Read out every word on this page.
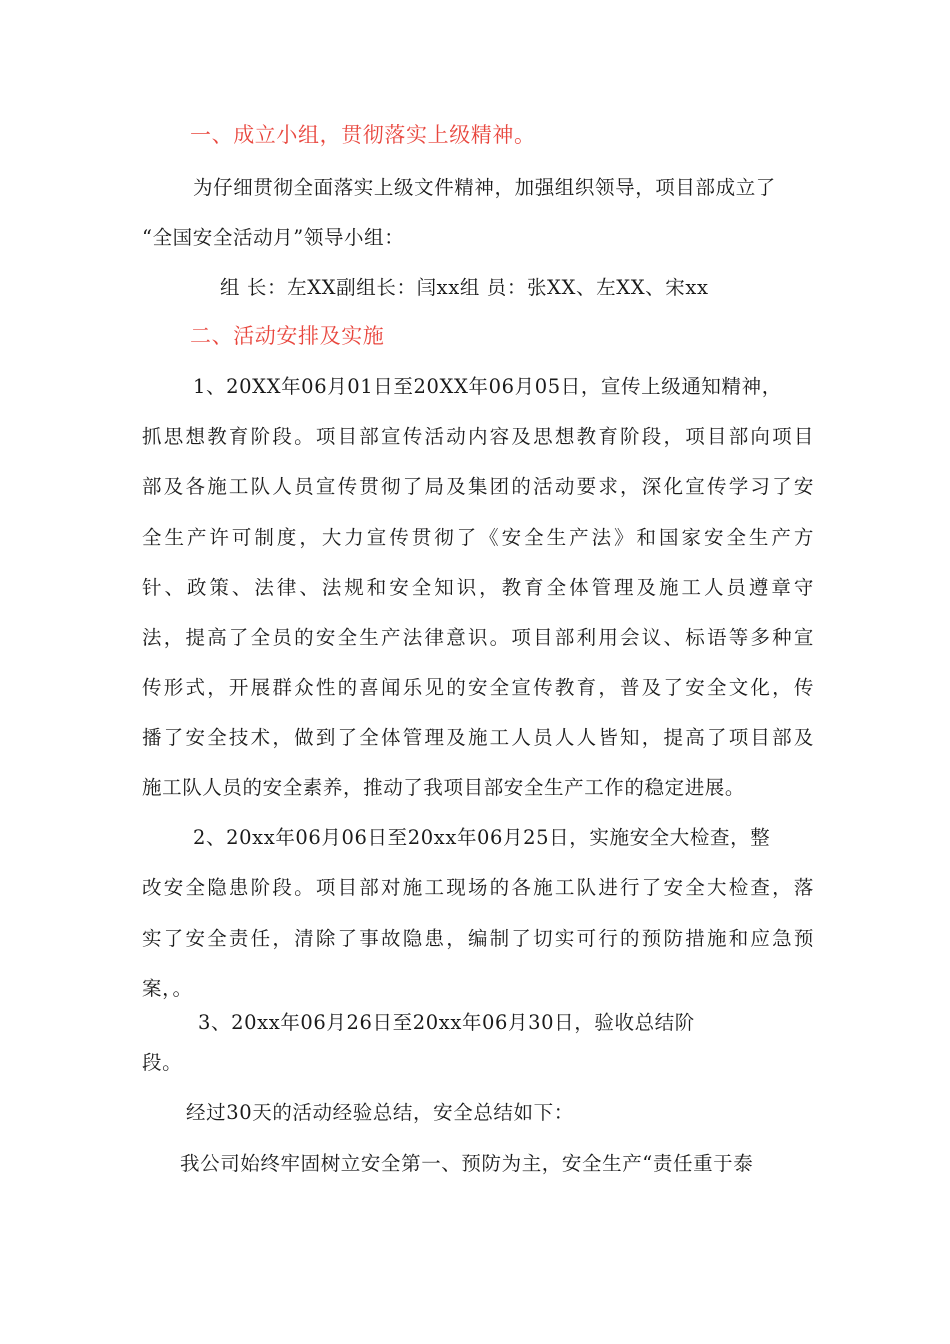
一、成立小组，贯彻落实上级精神。
为仔细贯彻全面落实上级文件精神，加强组织领导，项目部成立了
“全国安全活动月”领导小组：
组 长：左XX副组长：闫xx组 员：张XX、左XX、宋xx
二、活动安排及实施
1、20XX年06月01日至20XX年06月05日，宣传上级通知精神，
抓思想教育阶段。项目部宣传活动内容及思想教育阶段，项目部向项目
部及各施工队人员宣传贯彻了局及集团的活动要求，深化宣传学习了安
全生产许可制度，大力宣传贯彻了《安全生产法》和国家安全生产方
针、政策、法律、法规和安全知识，教育全体管理及施工人员遵章守
法，提高了全员的安全生产法律意识。项目部利用会议、标语等多种宣
传形式，开展群众性的喜闻乐见的安全宣传教育，普及了安全文化，传
播了安全技术，做到了全体管理及施工人员人人皆知，提高了项目部及
施工队人员的安全素养，推动了我项目部安全生产工作的稳定进展。
2、20xx年06月06日至20xx年06月25日，实施安全大检查，整
改安全隐患阶段。项目部对施工现场的各施工队进行了安全大检查，落
实了安全责任，清除了事故隐患，编制了切实可行的预防措施和应急预
案，。
3、20xx年06月26日至20xx年06月30日，验收总结阶
段。
经过30天的活动经验总结，安全总结如下：
我公司始终牢固树立安全第一、预防为主，安全生产“责任重于泰
